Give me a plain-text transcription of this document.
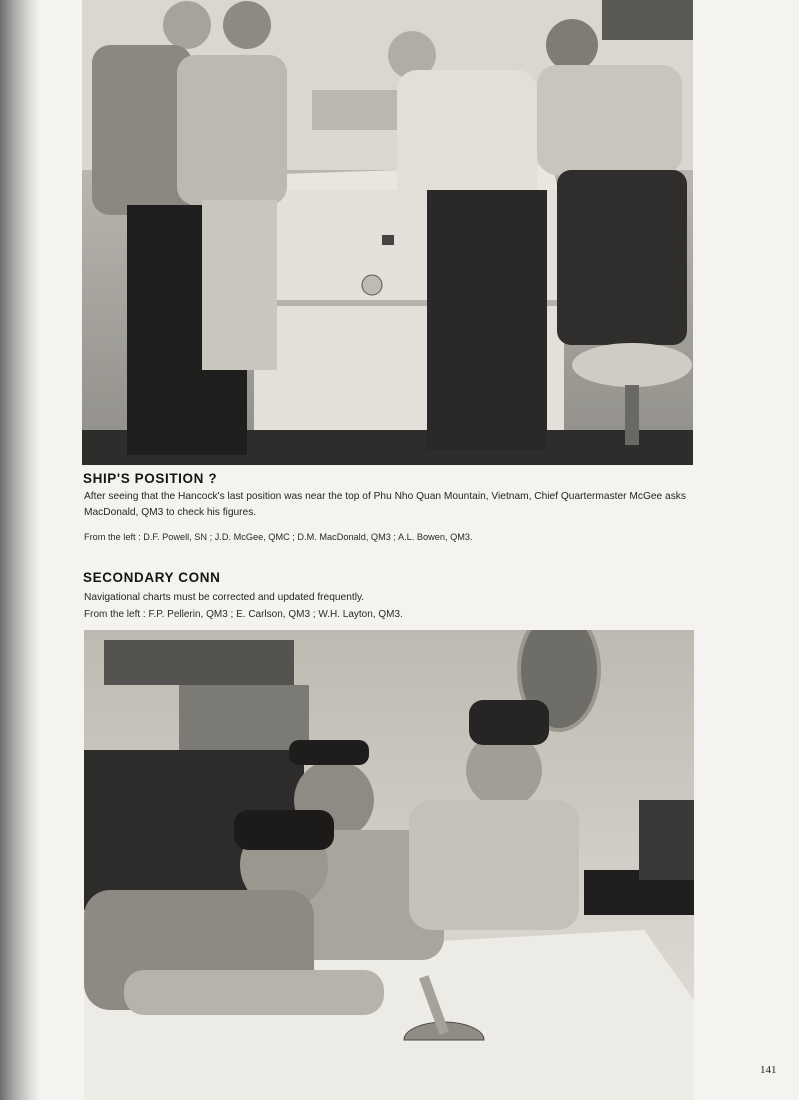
SHIP'S POSITION ?

After seeing that the Hancock's last position was near the top of Phu Nho Quan Mountain, Vietnam, Chief Quartermaster McGee asks MacDonald, QM3 to check his figures.

From the left : D.F. Powell, SN ; J.D. McGee, QMC ; D.M. MacDonald, QM3 ; A.L. Bowen, QM3.

SECONDARY CONN

Navigational charts must be corrected and updated frequently.

From the left : F.P. Pellerin, QM3 ; E. Carlson, QM3 ; W.H. Layton, QM3.

141
